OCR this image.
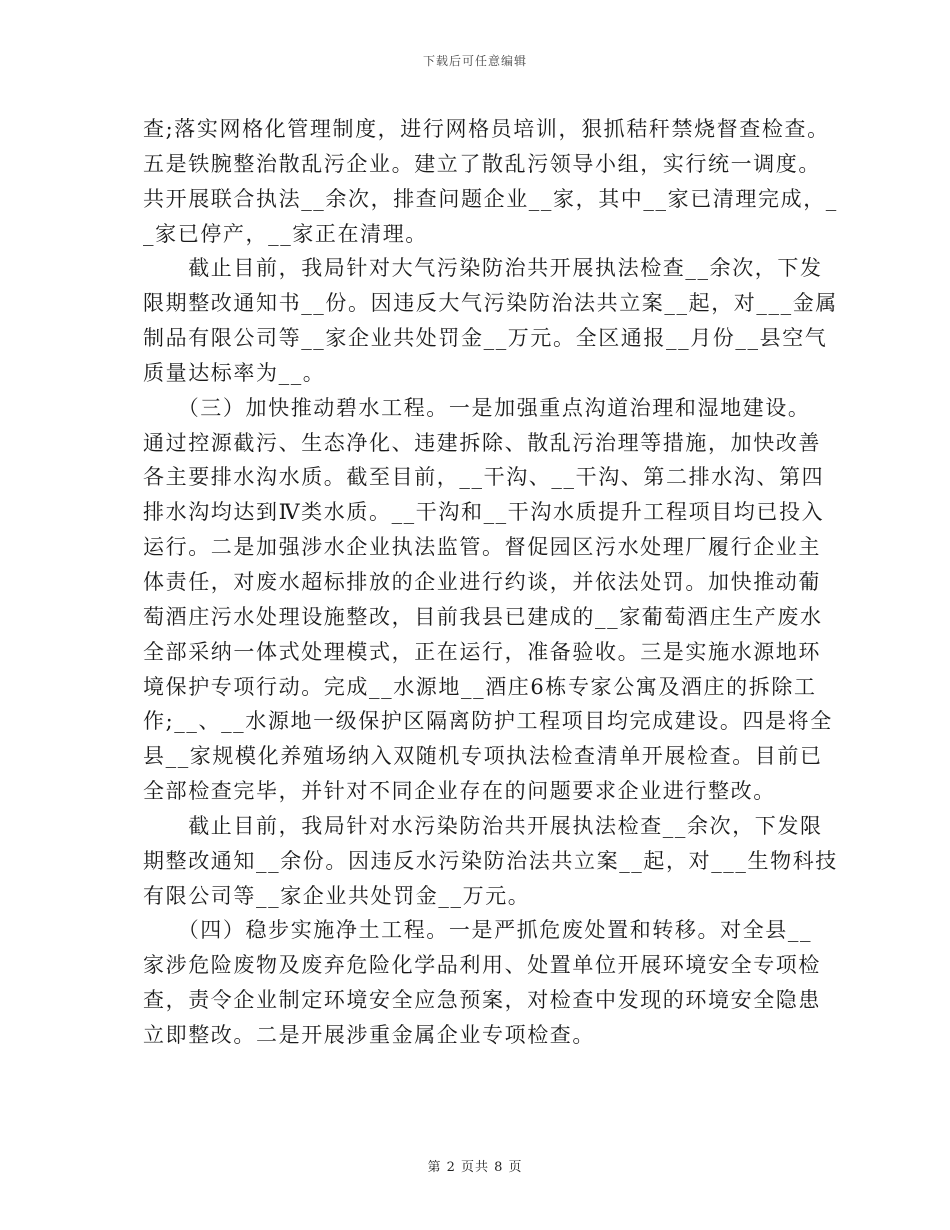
下载后可任意编辑
查;落实网格化管理制度，进行网格员培训，狠抓秸秆禁烧督查检查。
五是铁腕整治散乱污企业。建立了散乱污领导小组，实行统一调度。
共开展联合执法__余次，排查问题企业__家，其中__家已清理完成，_
_家已停产，__家正在清理。
　　截止目前，我局针对大气污染防治共开展执法检查__余次，下发
限期整改通知书__份。因违反大气污染防治法共立案__起，对___金属
制品有限公司等__家企业共处罚金__万元。全区通报__月份__县空气
质量达标率为__。
　　（三）加快推动碧水工程。一是加强重点沟道治理和湿地建设。
通过控源截污、生态净化、违建拆除、散乱污治理等措施，加快改善
各主要排水沟水质。截至目前，__干沟、__干沟、第二排水沟、第四
排水沟均达到Ⅳ类水质。__干沟和__干沟水质提升工程项目均已投入
运行。二是加强涉水企业执法监管。督促园区污水处理厂履行企业主
体责任，对废水超标排放的企业进行约谈，并依法处罚。加快推动葡
萄酒庄污水处理设施整改，目前我县已建成的__家葡萄酒庄生产废水
全部采纳一体式处理模式，正在运行，准备验收。三是实施水源地环
境保护专项行动。完成__水源地__酒庄6栋专家公寓及酒庄的拆除工
作;__、__水源地一级保护区隔离防护工程项目均完成建设。四是将全
县__家规模化养殖场纳入双随机专项执法检查清单开展检查。目前已
全部检查完毕，并针对不同企业存在的问题要求企业进行整改。
　　截止目前，我局针对水污染防治共开展执法检查__余次，下发限
期整改通知__余份。因违反水污染防治法共立案__起，对___生物科技
有限公司等__家企业共处罚金__万元。
　　（四）稳步实施净土工程。一是严抓危废处置和转移。对全县__
家涉危险废物及废弃危险化学品利用、处置单位开展环境安全专项检
查，责令企业制定环境安全应急预案，对检查中发现的环境安全隐患
立即整改。二是开展涉重金属企业专项检查。
第 2 页共 8 页
